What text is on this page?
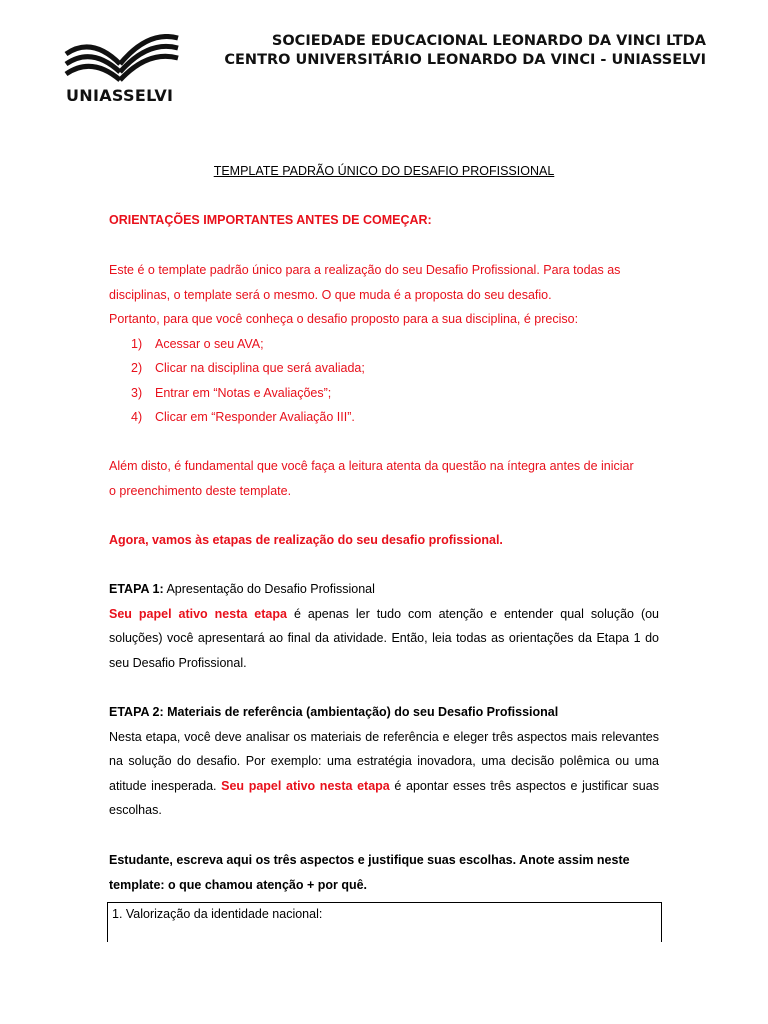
UNIASSELVI
SOCIEDADE EDUCACIONAL LEONARDO DA VINCI LTDA
CENTRO UNIVERSITÁRIO LEONARDO DA VINCI - UNIASSELVI
TEMPLATE PADRÃO ÚNICO DO DESAFIO PROFISSIONAL
ORIENTAÇÕES IMPORTANTES ANTES DE COMEÇAR:
Este é o template padrão único para a realização do seu Desafio Profissional. Para todas as
disciplinas, o template será o mesmo. O que muda é a proposta do seu desafio.
Portanto, para que você conheça o desafio proposto para a sua disciplina, é preciso:
1) Acessar o seu AVA;
2) Clicar na disciplina que será avaliada;
3) Entrar em “Notas e Avaliações”;
4) Clicar em “Responder Avaliação III”.
Além disto, é fundamental que você faça a leitura atenta da questão na íntegra antes de iniciar
o preenchimento deste template.
Agora, vamos às etapas de realização do seu desafio profissional.
ETAPA 1: Apresentação do Desafio Profissional
Seu papel ativo nesta etapa é apenas ler tudo com atenção e entender qual solução (ou soluções) você apresentará ao final da atividade. Então, leia todas as orientações da Etapa 1 do seu Desafio Profissional.
ETAPA 2: Materiais de referência (ambientação) do seu Desafio Profissional
Nesta etapa, você deve analisar os materiais de referência e eleger três aspectos mais relevantes na solução do desafio. Por exemplo: uma estratégia inovadora, uma decisão polêmica ou uma atitude inesperada. Seu papel ativo nesta etapa é apontar esses três aspectos e justificar suas escolhas.
Estudante, escreva aqui os três aspectos e justifique suas escolhas. Anote assim neste template: o que chamou atenção + por quê.
1. Valorização da identidade nacional:
